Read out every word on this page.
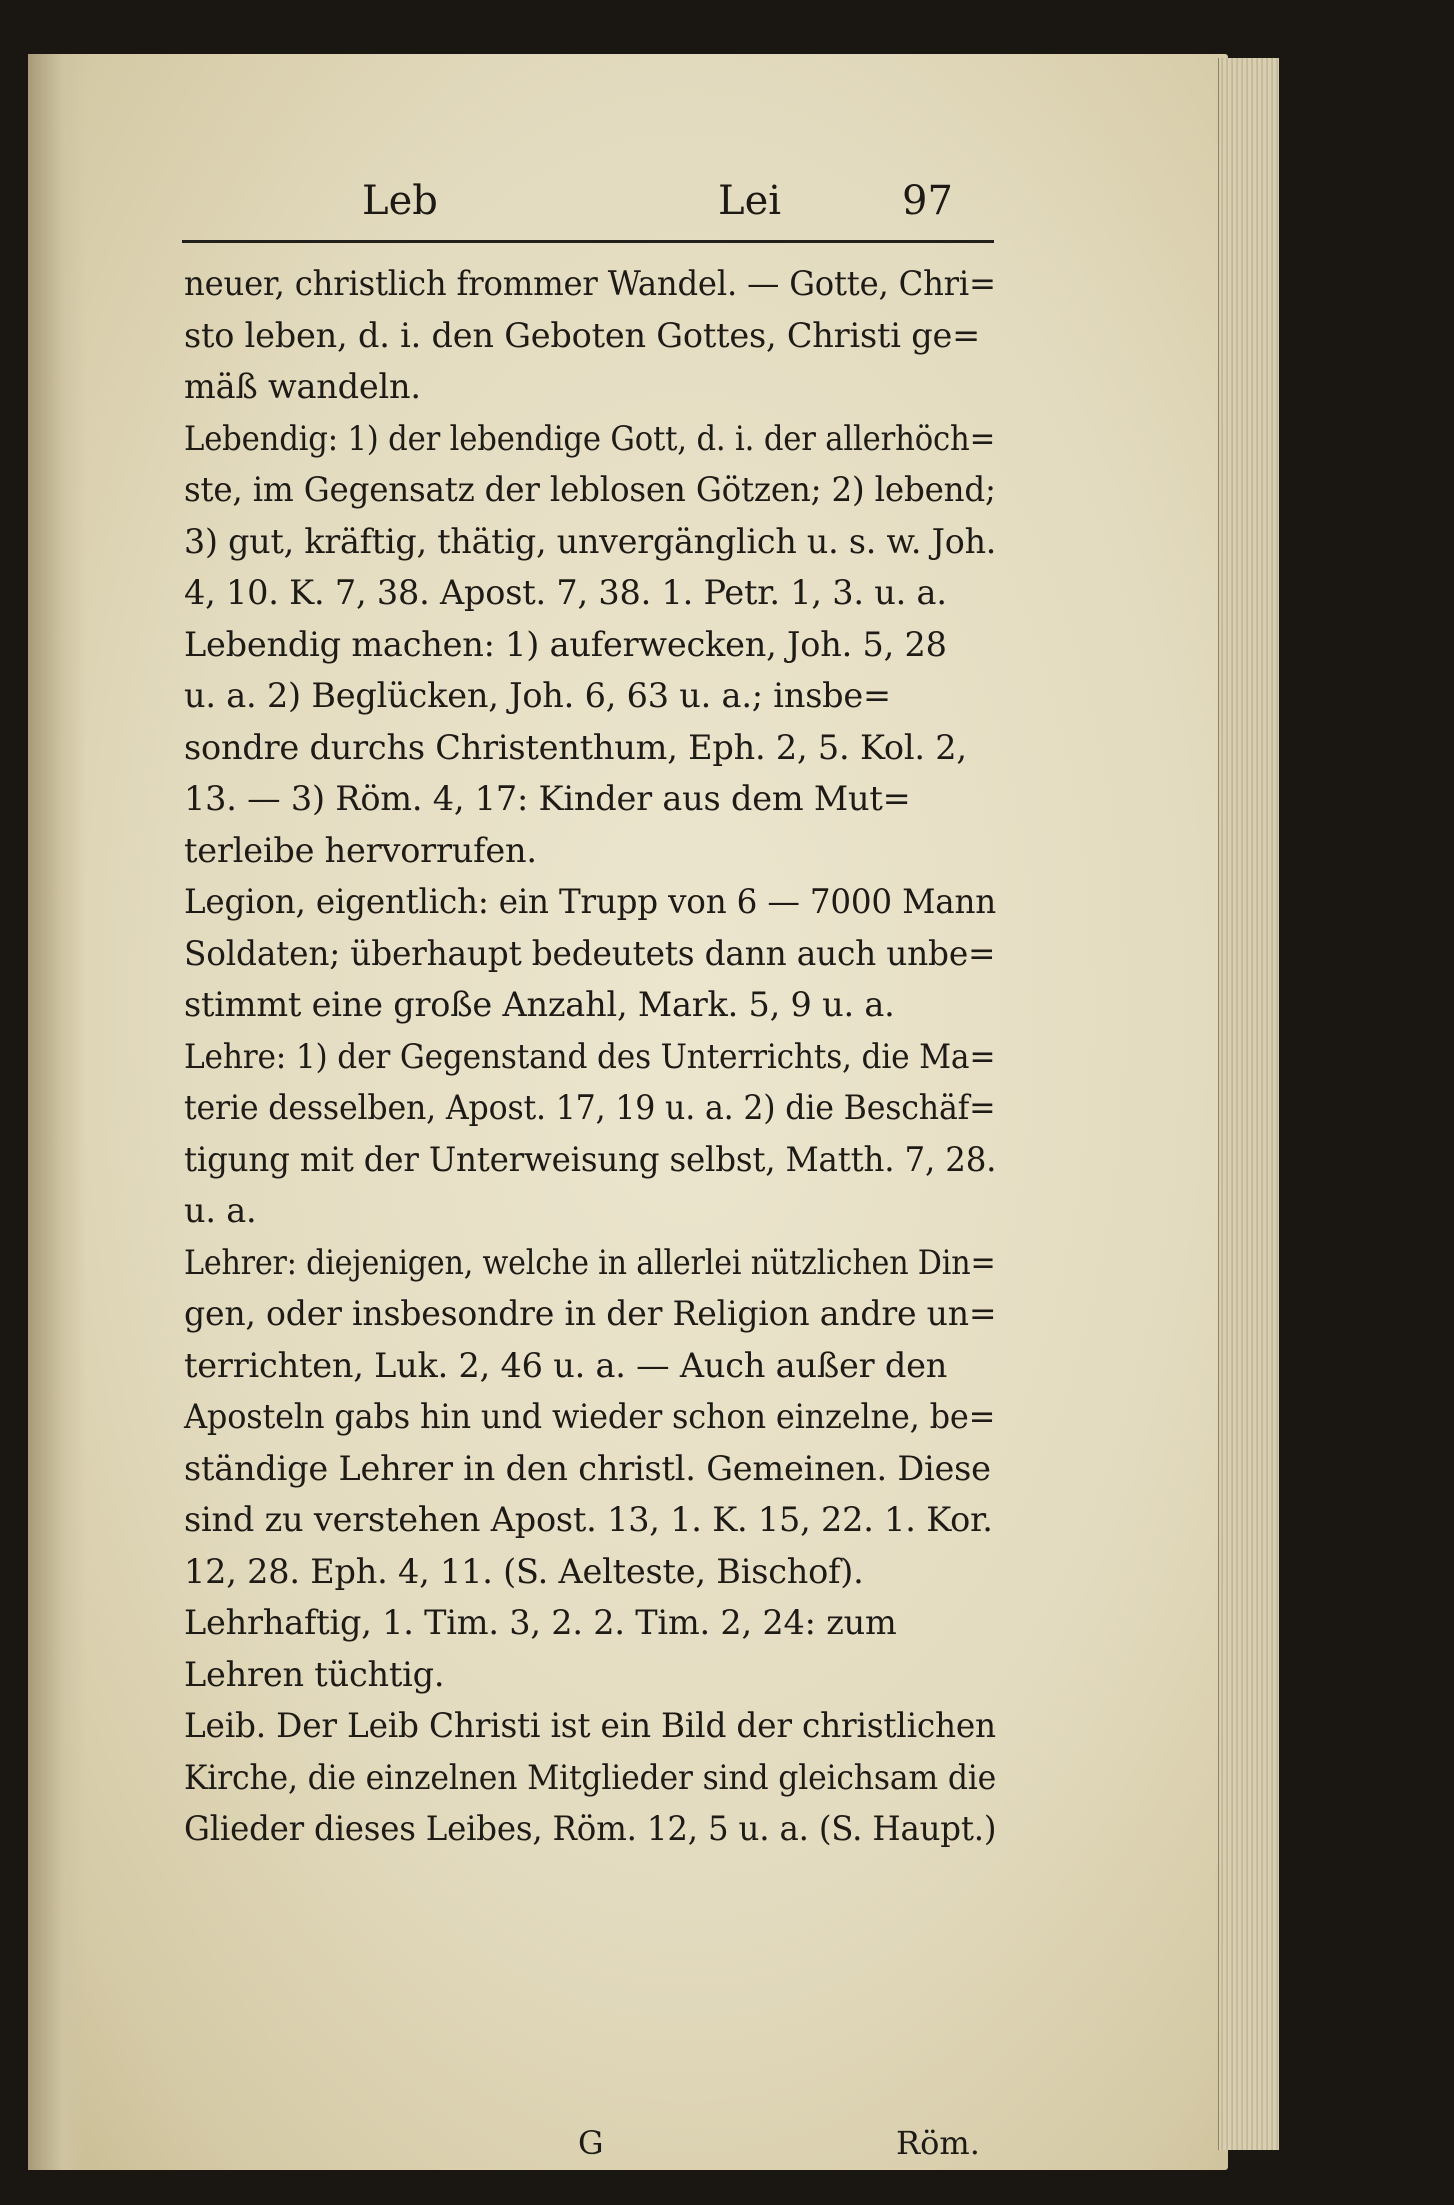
Leb	Lei	97
neuer, christlich frommer Wandel. — Gotte, Chri=
sto leben, d. i. den Geboten Gottes, Christi ge=
mäß wandeln.
Lebendig: 1) der lebendige Gott, d. i. der allerhöch=
ste, im Gegensatz der leblosen Götzen; 2) lebend;
3) gut, kräftig, thätig, unvergänglich u. s. w. Joh.
4, 10. K. 7, 38. Apost. 7, 38. 1. Petr. 1, 3. u. a.
Lebendig machen: 1) auferwecken, Joh. 5, 28
u. a. 2) Beglücken, Joh. 6, 63 u. a.; insbe=
sondre durchs Christenthum, Eph. 2, 5. Kol. 2,
13. — 3) Röm. 4, 17: Kinder aus dem Mut=
terleibe hervorrufen.
Legion, eigentlich: ein Trupp von 6 — 7000 Mann
Soldaten; überhaupt bedeutets dann auch unbe=
stimmt eine große Anzahl, Mark. 5, 9 u. a.
Lehre: 1) der Gegenstand des Unterrichts, die Ma=
terie desselben, Apost. 17, 19 u. a. 2) die Beschäf=
tigung mit der Unterweisung selbst, Matth. 7, 28.
u. a.
Lehrer: diejenigen, welche in allerlei nützlichen Din=
gen, oder insbesondre in der Religion andre un=
terrichten, Luk. 2, 46 u. a. — Auch außer den
Aposteln gabs hin und wieder schon einzelne, be=
ständige Lehrer in den christl. Gemeinen. Diese
sind zu verstehen Apost. 13, 1. K. 15, 22. 1. Kor.
12, 28. Eph. 4, 11. (S. Aelteste, Bischof).
Lehrhaftig, 1. Tim. 3, 2. 2. Tim. 2, 24: zum
Lehren tüchtig.
Leib. Der Leib Christi ist ein Bild der christlichen
Kirche, die einzelnen Mitglieder sind gleichsam die
Glieder dieses Leibes, Röm. 12, 5 u. a. (S. Haupt.)
G	Röm.
